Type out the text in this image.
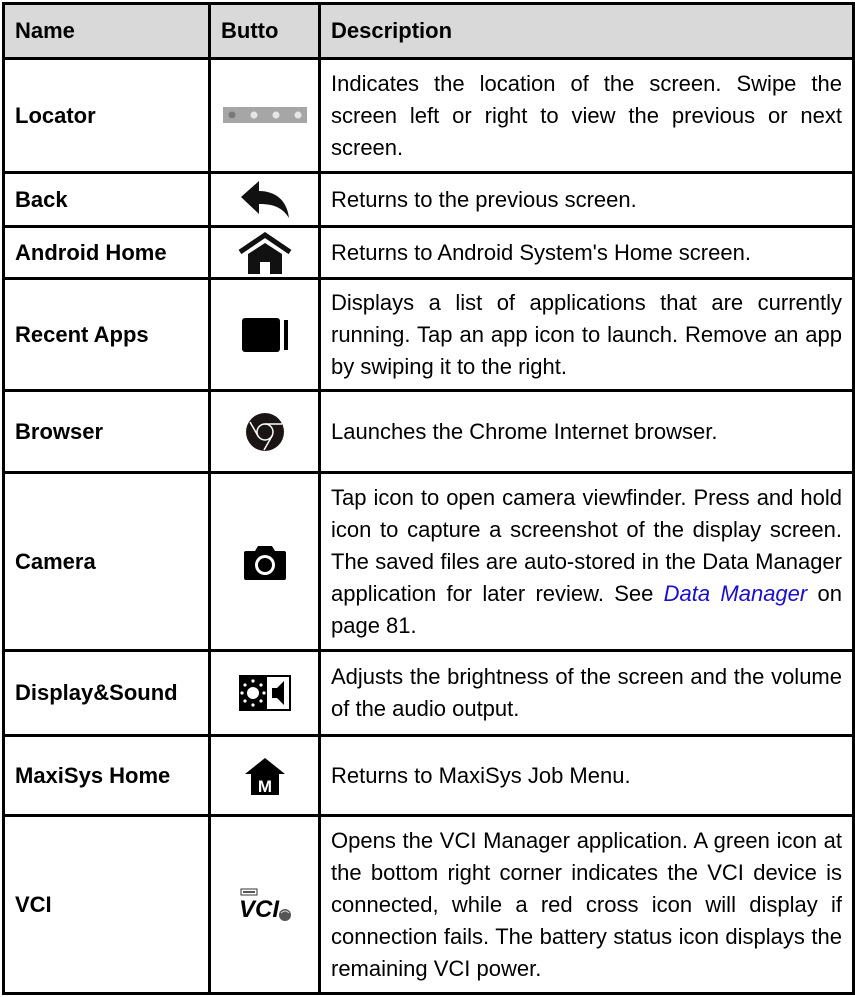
Name	Butto	Description
Locator		Indicates the location of the screen. Swipe the screen left or right to view the previous or next screen.
Back		Returns to the previous screen.
Android Home		Returns to Android System's Home screen.
Recent Apps		Displays a list of applications that are currently running. Tap an app icon to launch. Remove an app by swiping it to the right.
Browser		Launches the Chrome Internet browser.
Camera		Tap icon to open camera viewfinder. Press and hold icon to capture a screenshot of the display screen. The saved files are auto-stored in the Data Manager application for later review. See Data Manager on page 81.
Display&Sound		Adjusts the brightness of the screen and the volume of the audio output.
MaxiSys Home	M	Returns to MaxiSys Job Menu.
VCI	VCI	Opens the VCI Manager application. A green icon at the bottom right corner indicates the VCI device is connected, while a red cross icon will display if connection fails. The battery status icon displays the remaining VCI power.
